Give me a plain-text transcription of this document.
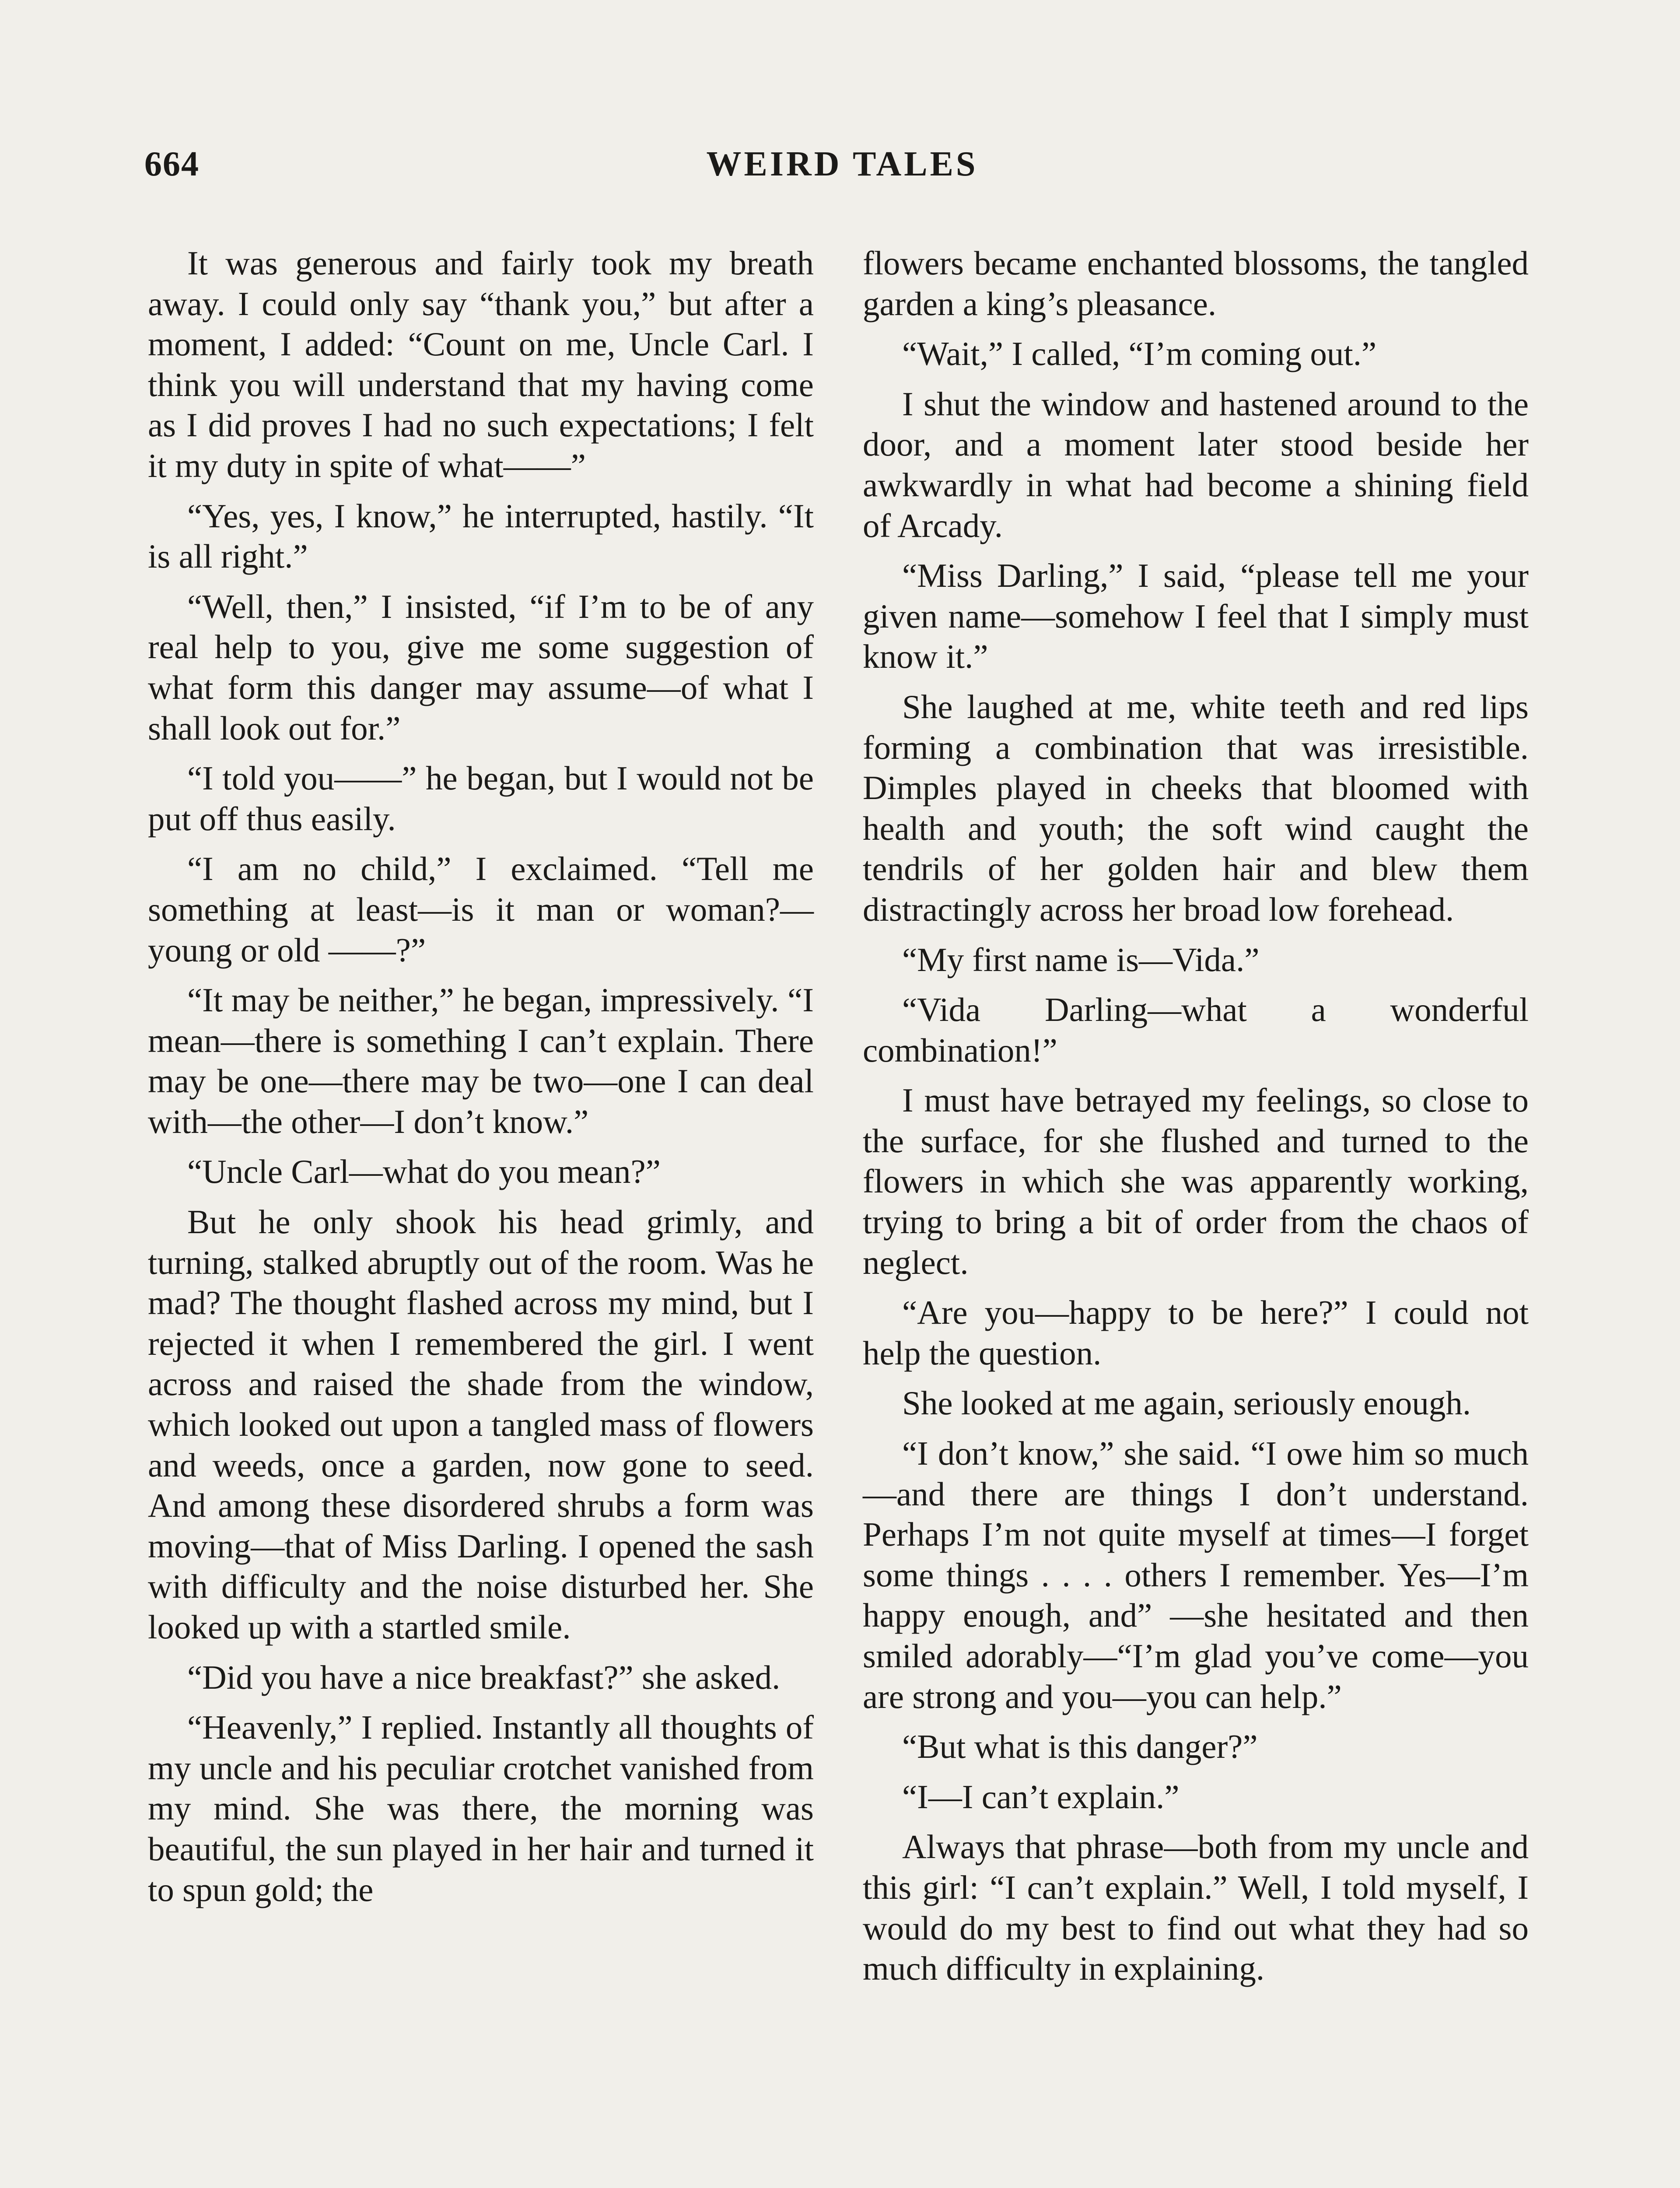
664	WEIRD TALES

It was generous and fairly took my breath away. I could only say “thank you,” but after a moment, I added: “Count on me, Uncle Carl. I think you will understand that my having come as I did proves I had no such expectations; I felt it my duty in spite of what——”

“Yes, yes, I know,” he interrupted, hastily. “It is all right.”

“Well, then,” I insisted, “if I’m to be of any real help to you, give me some suggestion of what form this danger may assume—of what I shall look out for.”

“I told you——” he began, but I would not be put off thus easily.

“I am no child,” I exclaimed. “Tell me something at least—is it man or woman?—young or old ——?”

“It may be neither,” he began, impressively. “I mean—there is something I can’t explain. There may be one—there may be two—one I can deal with—the other—I don’t know.”

“Uncle Carl—what do you mean?”

But he only shook his head grimly, and turning, stalked abruptly out of the room. Was he mad? The thought flashed across my mind, but I rejected it when I remembered the girl. I went across and raised the shade from the window, which looked out upon a tangled mass of flowers and weeds, once a garden, now gone to seed. And among these disordered shrubs a form was moving—that of Miss Darling. I opened the sash with difficulty and the noise disturbed her. She looked up with a startled smile.

“Did you have a nice breakfast?” she asked.

“Heavenly,” I replied. Instantly all thoughts of my uncle and his peculiar crotchet vanished from my mind. She was there, the morning was beautiful, the sun played in her hair and turned it to spun gold; the

flowers became enchanted blossoms, the tangled garden a king’s pleasance.

“Wait,” I called, “I’m coming out.”

I shut the window and hastened around to the door, and a moment later stood beside her awkwardly in what had become a shining field of Arcady.

“Miss Darling,” I said, “please tell me your given name—somehow I feel that I simply must know it.”

She laughed at me, white teeth and red lips forming a combination that was irresistible. Dimples played in cheeks that bloomed with health and youth; the soft wind caught the tendrils of her golden hair and blew them distractingly across her broad low forehead.

“My first name is—Vida.”

“Vida Darling—what a wonderful combination!”

I must have betrayed my feelings, so close to the surface, for she flushed and turned to the flowers in which she was apparently working, trying to bring a bit of order from the chaos of neglect.

“Are you—happy to be here?” I could not help the question.

She looked at me again, seriously enough.

“I don’t know,” she said. “I owe him so much—and there are things I don’t understand. Perhaps I’m not quite myself at times—I forget some things . . . . others I remember. Yes—I’m happy enough, and” —she hesitated and then smiled adorably—“I’m glad you’ve come—you are strong and you—you can help.”

“But what is this danger?”

“I—I can’t explain.”

Always that phrase—both from my uncle and this girl: “I can’t explain.” Well, I told myself, I would do my best to find out what they had so much difficulty in explaining.
